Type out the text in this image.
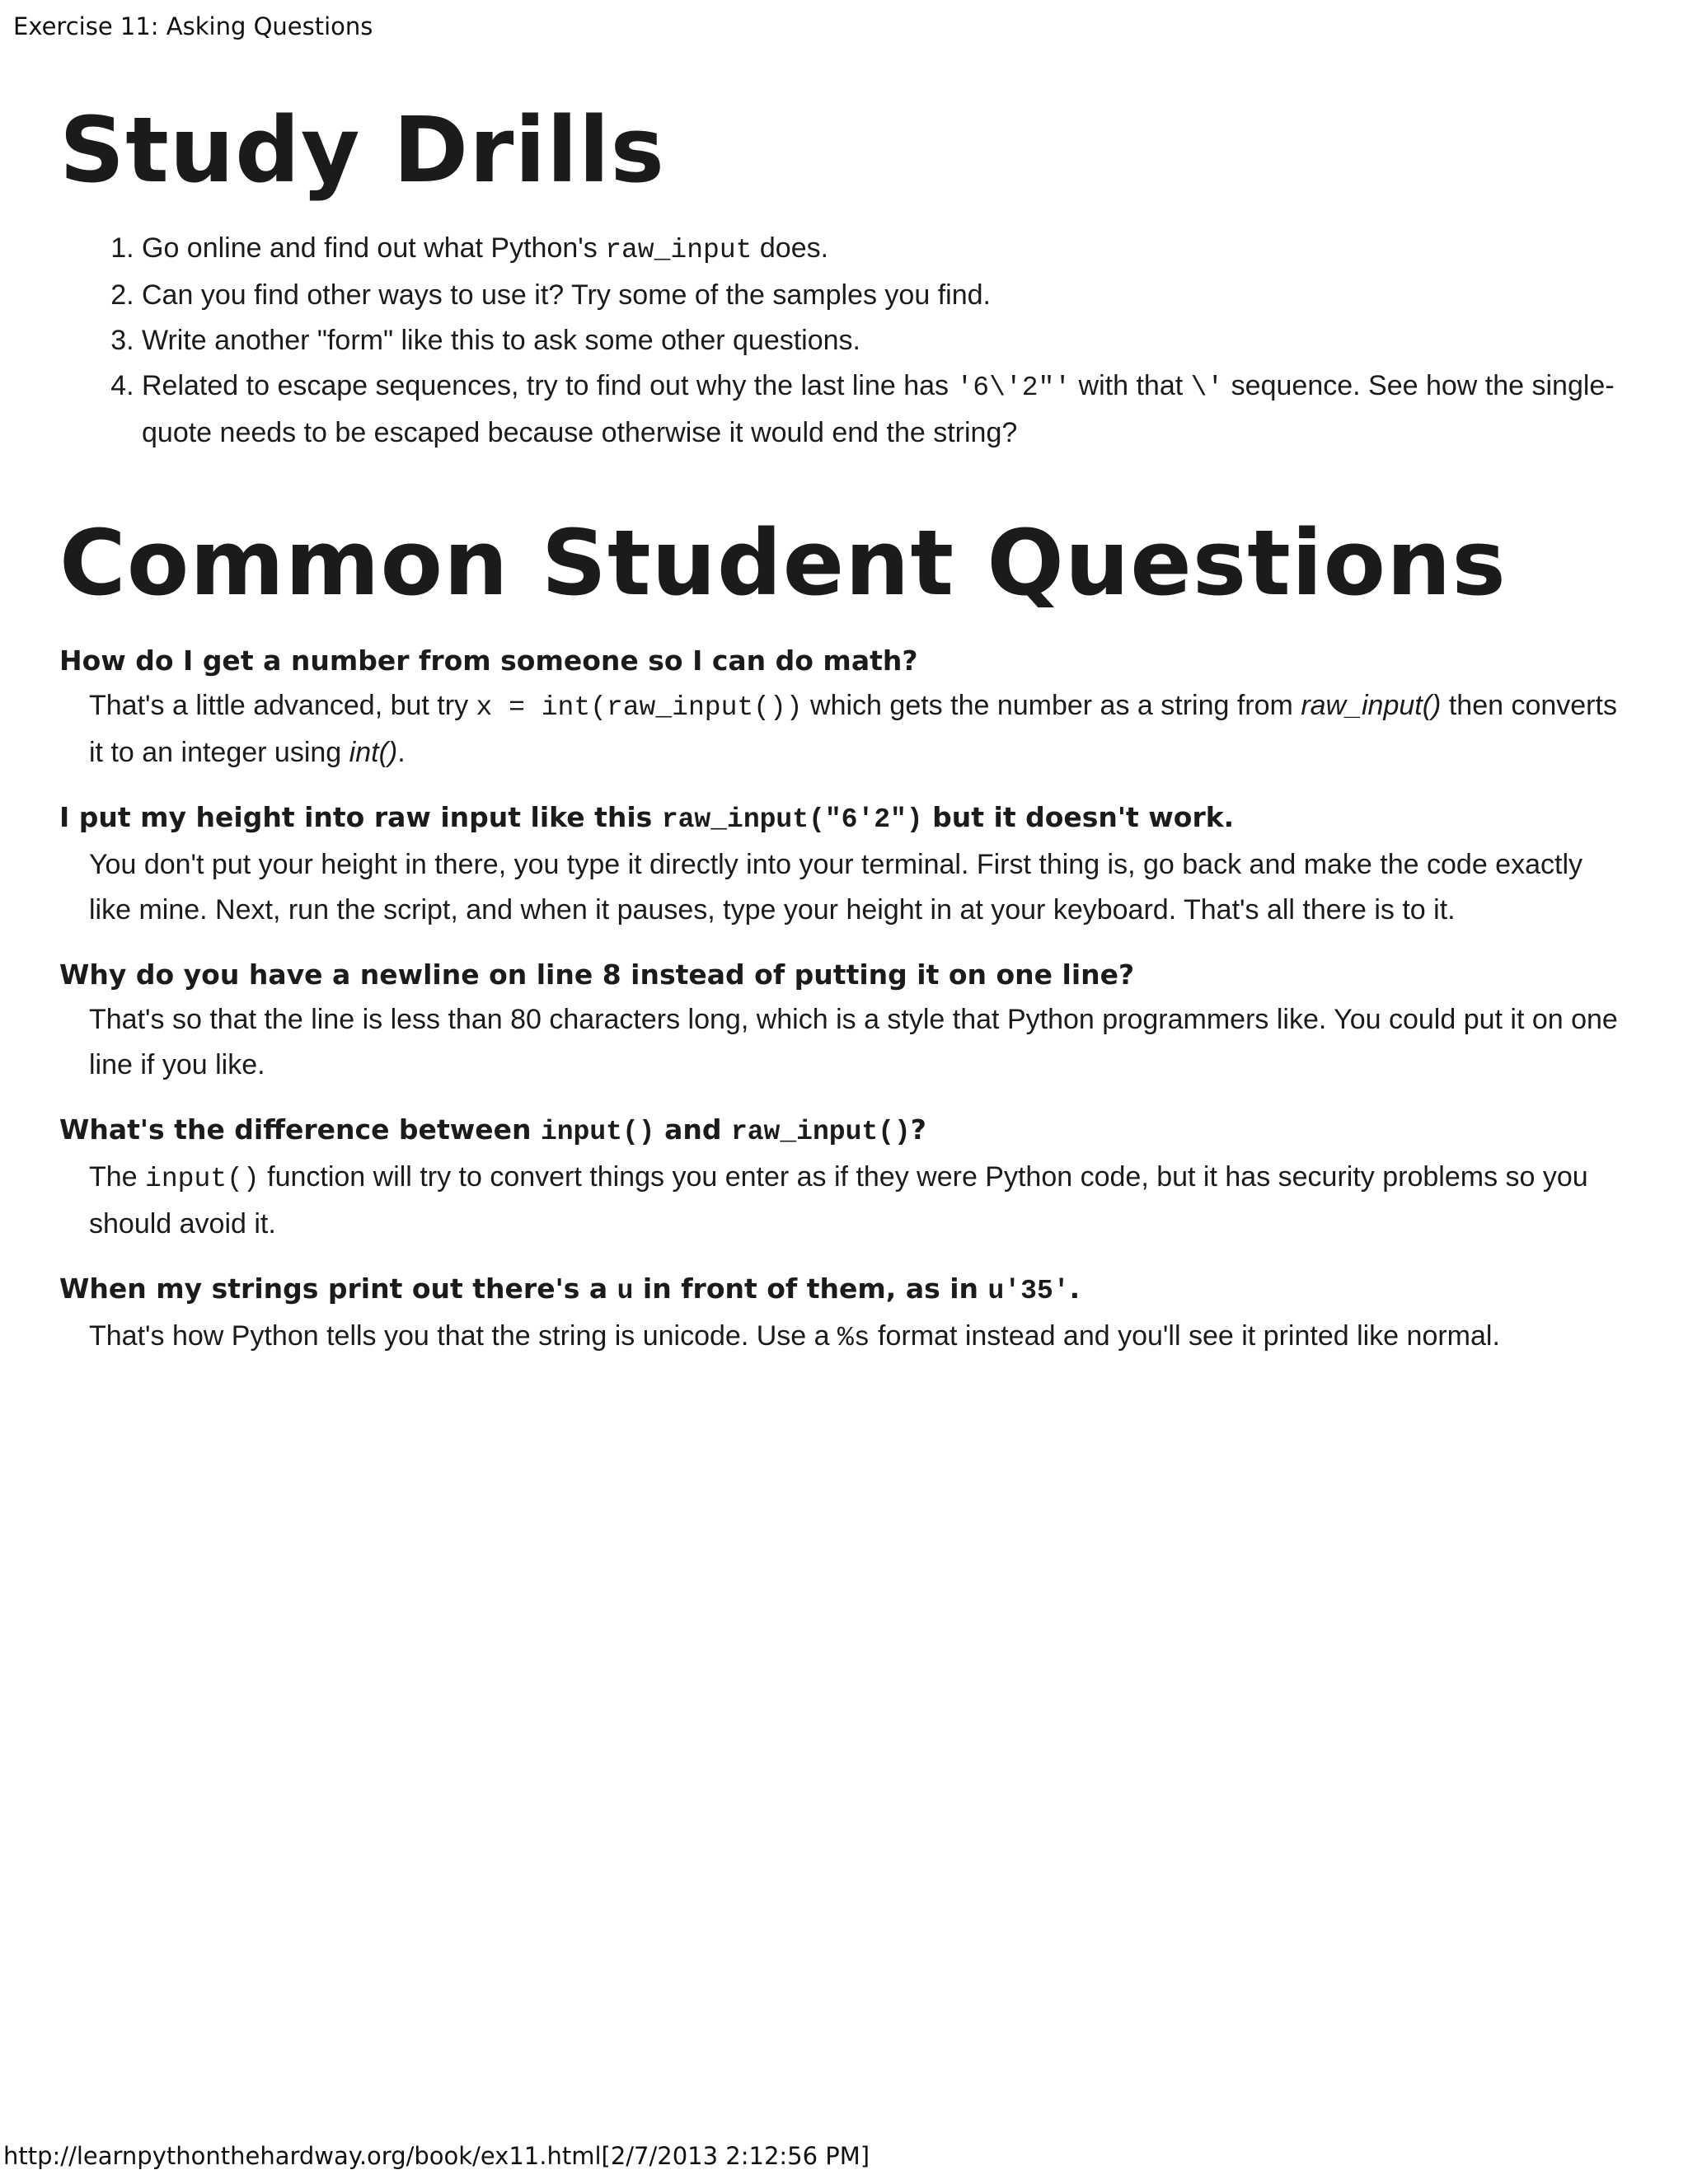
Exercise 11: Asking Questions
Study Drills
1. Go online and find out what Python's raw_input does.
2. Can you find other ways to use it? Try some of the samples you find.
3. Write another "form" like this to ask some other questions.
4. Related to escape sequences, try to find out why the last line has '6\'2"' with that \' sequence. See how the single-quote needs to be escaped because otherwise it would end the string?
Common Student Questions

How do I get a number from someone so I can do math?

That's a little advanced, but try x = int(raw_input()) which gets the number as a string from raw_input() then converts it to an integer using int().

I put my height into raw input like this raw_input("6'2") but it doesn't work.

You don't put your height in there, you type it directly into your terminal. First thing is, go back and make the code exactly like mine. Next, run the script, and when it pauses, type your height in at your keyboard. That's all there is to it.

Why do you have a newline on line 8 instead of putting it on one line?

That's so that the line is less than 80 characters long, which is a style that Python programmers like. You could put it on one line if you like.

What's the difference between input() and raw_input()?

The input() function will try to convert things you enter as if they were Python code, but it has security problems so you should avoid it.

When my strings print out there's a u in front of them, as in u'35'.

That's how Python tells you that the string is unicode. Use a %s format instead and you'll see it printed like normal.

http://learnpythonthehardway.org/book/ex11.html[2/7/2013 2:12:56 PM]
